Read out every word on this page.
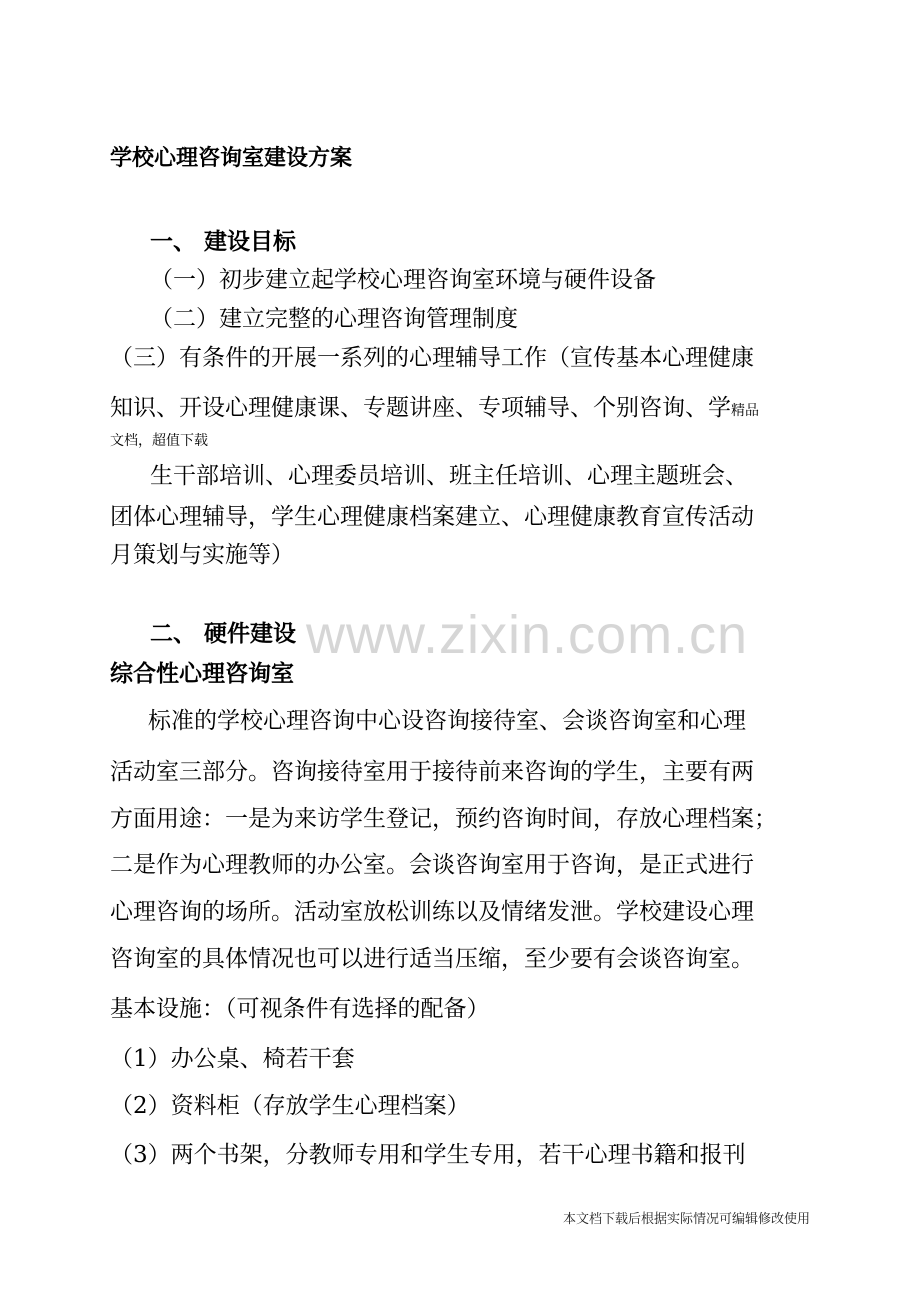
学校心理咨询室建设方案
一、 建设目标
（一）初步建立起学校心理咨询室环境与硬件设备
（二）建立完整的心理咨询管理制度
（三）有条件的开展一系列的心理辅导工作（宣传基本心理健康
知识、开设心理健康课、专题讲座、专项辅导、个别咨询、学精品
文档，超值下载
生干部培训、心理委员培训、班主任培训、心理主题班会、
团体心理辅导，学生心理健康档案建立、心理健康教育宣传活动
月策划与实施等）
www.zixin.com.cn
二、 硬件建设
综合性心理咨询室
标准的学校心理咨询中心设咨询接待室、会谈咨询室和心理
活动室三部分。咨询接待室用于接待前来咨询的学生，主要有两
方面用途：一是为来访学生登记，预约咨询时间，存放心理档案；
二是作为心理教师的办公室。会谈咨询室用于咨询，是正式进行
心理咨询的场所。活动室放松训练以及情绪发泄。学校建设心理
咨询室的具体情况也可以进行适当压缩，至少要有会谈咨询室。
基本设施：（可视条件有选择的配备）
（1）办公桌、椅若干套
（2）资料柜（存放学生心理档案）
（3）两个书架，分教师专用和学生专用，若干心理书籍和报刊
本文档下载后根据实际情况可编辑修改使用
